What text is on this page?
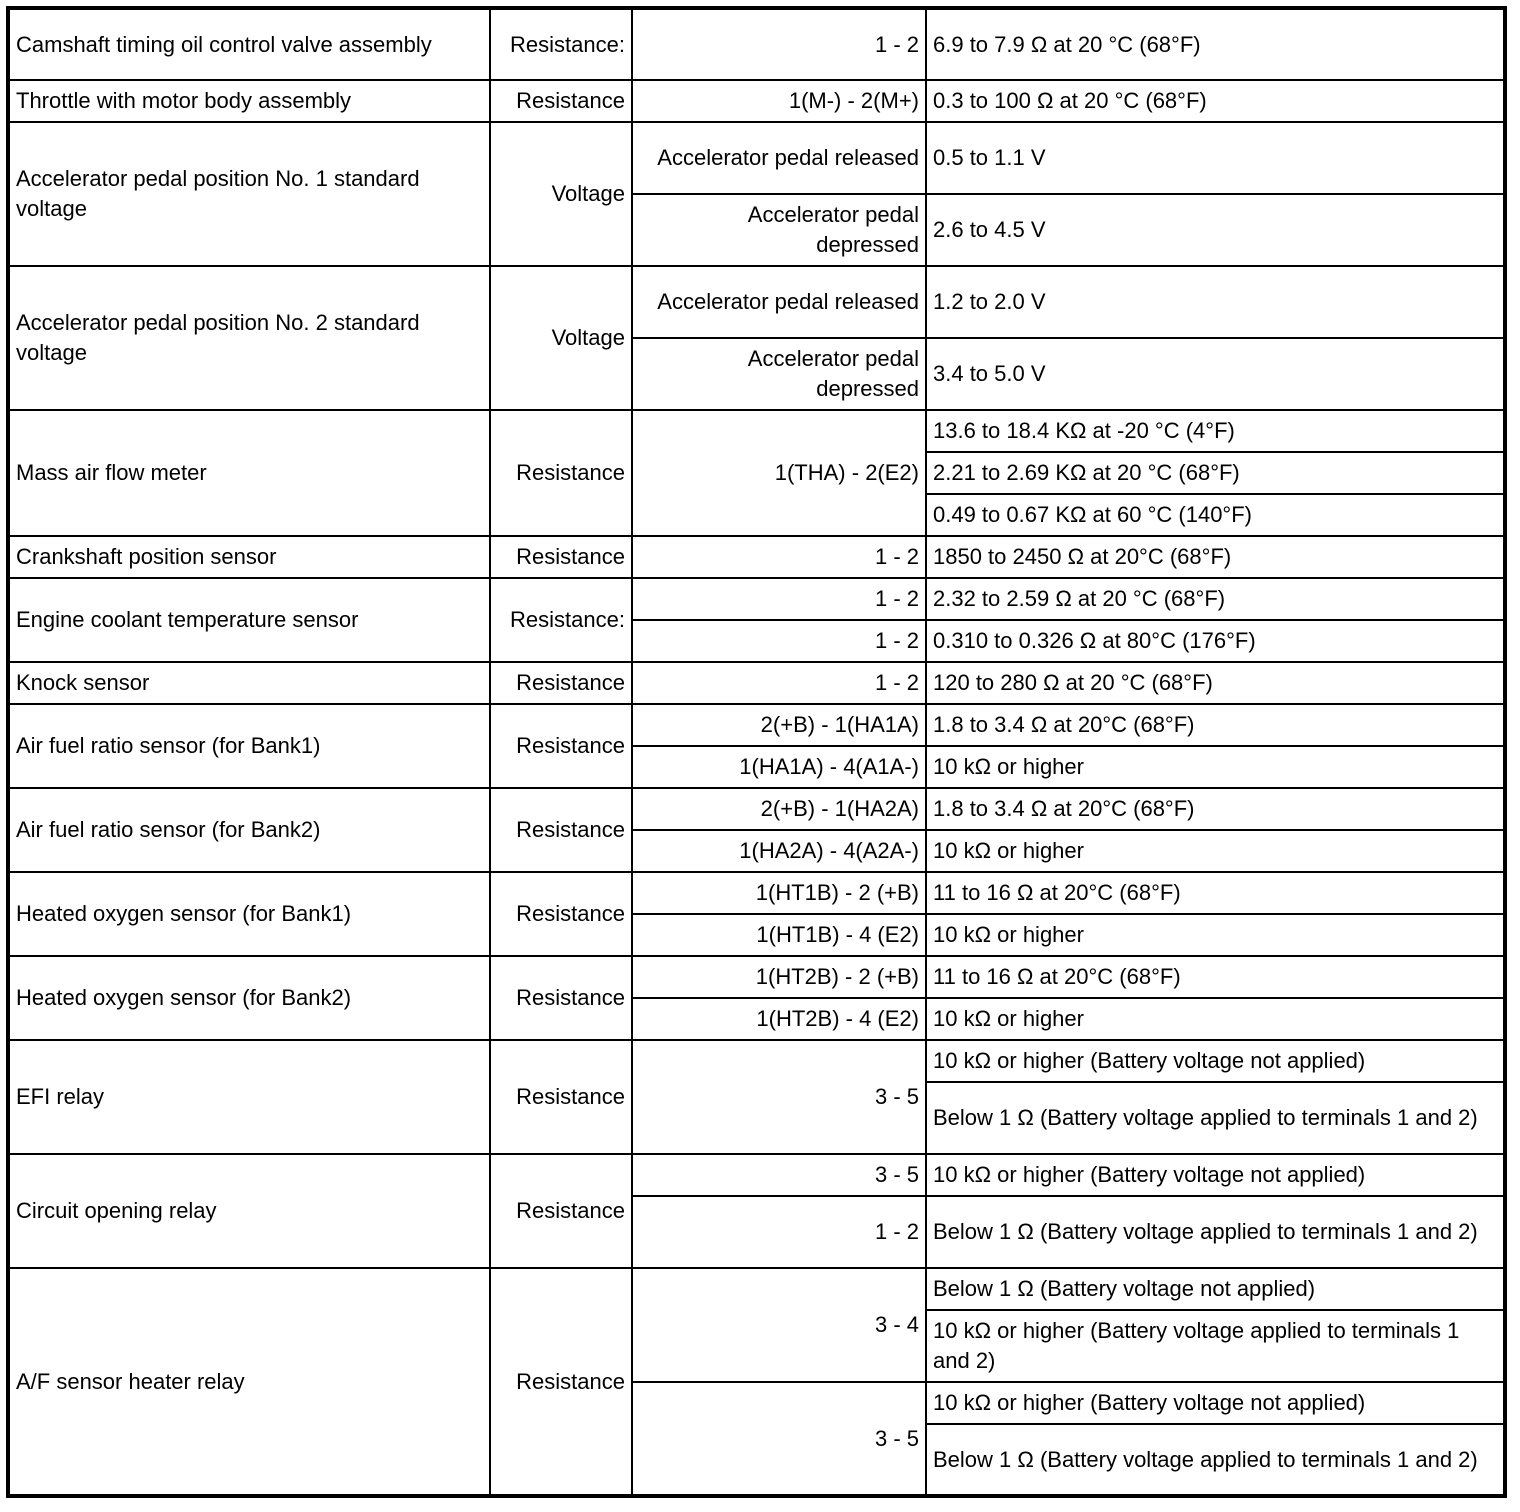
Camshaft timing oil control valve assembly	Resistance:	1 - 2	6.9 to 7.9 Ω at 20 °C (68°F)
Throttle with motor body assembly	Resistance	1(M-) - 2(M+)	0.3 to 100 Ω at 20 °C (68°F)
Accelerator pedal position No. 1 standard voltage	Voltage	Accelerator pedal released	0.5 to 1.1 V
		Accelerator pedal depressed	2.6 to 4.5 V
Accelerator pedal position No. 2 standard voltage	Voltage	Accelerator pedal released	1.2 to 2.0 V
		Accelerator pedal depressed	3.4 to 5.0 V
Mass air flow meter	Resistance	1(THA) - 2(E2)	13.6 to 18.4 KΩ at -20 °C (4°F)
			2.21 to 2.69 KΩ at 20 °C (68°F)
			0.49 to 0.67 KΩ at 60 °C (140°F)
Crankshaft position sensor	Resistance	1 - 2	1850 to 2450 Ω at 20°C (68°F)
Engine coolant temperature sensor	Resistance:	1 - 2	2.32 to 2.59 Ω at 20 °C (68°F)
		1 - 2	0.310 to 0.326 Ω at 80°C (176°F)
Knock sensor	Resistance	1 - 2	120 to 280 Ω at 20 °C (68°F)
Air fuel ratio sensor (for Bank1)	Resistance	2(+B) - 1(HA1A)	1.8 to 3.4 Ω at 20°C (68°F)
		1(HA1A) - 4(A1A-)	10 kΩ or higher
Air fuel ratio sensor (for Bank2)	Resistance	2(+B) - 1(HA2A)	1.8 to 3.4 Ω at 20°C (68°F)
		1(HA2A) - 4(A2A-)	10 kΩ or higher
Heated oxygen sensor (for Bank1)	Resistance	1(HT1B) - 2 (+B)	11 to 16 Ω at 20°C (68°F)
		1(HT1B) - 4 (E2)	10 kΩ or higher
Heated oxygen sensor (for Bank2)	Resistance	1(HT2B) - 2 (+B)	11 to 16 Ω at 20°C (68°F)
		1(HT2B) - 4 (E2)	10 kΩ or higher
EFI relay	Resistance	3 - 5	10 kΩ or higher (Battery voltage not applied)
			Below 1 Ω (Battery voltage applied to terminals 1 and 2)
Circuit opening relay	Resistance	3 - 5	10 kΩ or higher (Battery voltage not applied)
		1 - 2	Below 1 Ω (Battery voltage applied to terminals 1 and 2)
A/F sensor heater relay	Resistance	3 - 4	Below 1 Ω (Battery voltage not applied)
			10 kΩ or higher (Battery voltage applied to terminals 1 and 2)
		3 - 5	10 kΩ or higher (Battery voltage not applied)
			Below 1 Ω (Battery voltage applied to terminals 1 and 2)
